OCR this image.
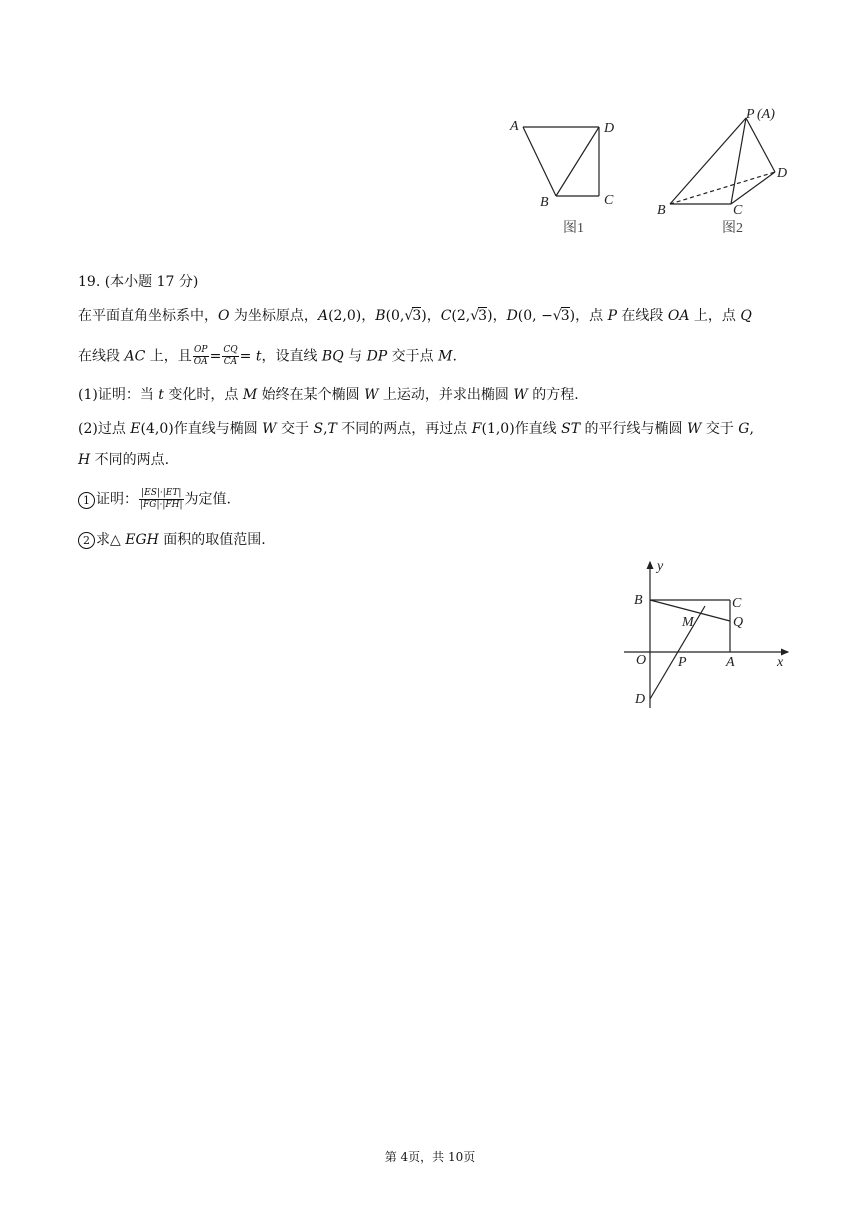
A	D
B	C
图1
P (A)
D
B	C
图2
19. (本小题 17 分)
在平面直角坐标系中，O 为坐标原点，A(2,0)，B(0,√3)，C(2,√3)，D(0, −√3)，点 P 在线段 OA 上，点 Q
在线段 AC 上，且 $\frac{OP}{OA} = \frac{CQ}{CA} = t$，设直线 BQ 与 DP 交于点 M.
(1)证明：当 t 变化时，点 M 始终在某个椭圆 W 上运动，并求出椭圆 W 的方程.
(2)过点 E(4,0)作直线与椭圆 W 交于 S,T 不同的两点，再过点 F(1,0)作直线 ST 的平行线与椭圆 W 交于 G,
H 不同的两点.
1 证明： $\frac{|ES|\cdot|ET|}{|FG|\cdot|FH|}$ 为定值.
2 求△ EGH 面积的取值范围.
y
x
B	C
M	Q
O P	A
D
第 4页，共 10页
